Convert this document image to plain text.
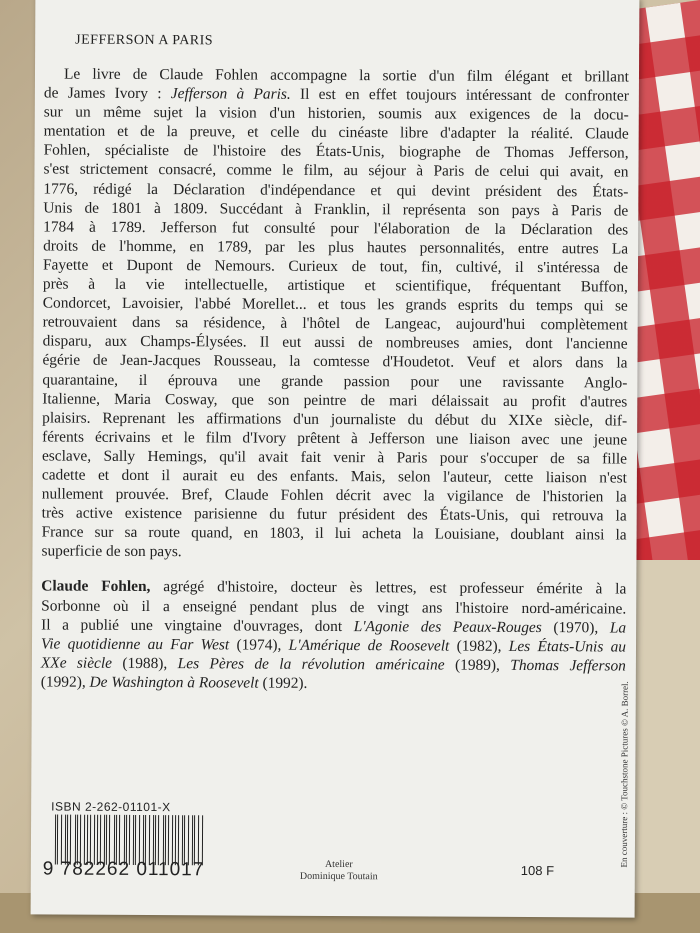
JEFFERSON A PARIS
Le livre de Claude Fohlen accompagne la sortie d'un film élégant et brillant
de James Ivory : Jefferson à Paris. Il est en effet toujours intéressant de confronter
sur un même sujet la vision d'un historien, soumis aux exigences de la docu-
mentation et de la preuve, et celle du cinéaste libre d'adapter la réalité. Claude
Fohlen, spécialiste de l'histoire des États-Unis, biographe de Thomas Jefferson,
s'est strictement consacré, comme le film, au séjour à Paris de celui qui avait, en
1776, rédigé la Déclaration d'indépendance et qui devint président des États-
Unis de 1801 à 1809. Succédant à Franklin, il représenta son pays à Paris de
1784 à 1789. Jefferson fut consulté pour l'élaboration de la Déclaration des
droits de l'homme, en 1789, par les plus hautes personnalités, entre autres La
Fayette et Dupont de Nemours. Curieux de tout, fin, cultivé, il s'intéressa de
près à la vie intellectuelle, artistique et scientifique, fréquentant Buffon,
Condorcet, Lavoisier, l'abbé Morellet... et tous les grands esprits du temps qui se
retrouvaient dans sa résidence, à l'hôtel de Langeac, aujourd'hui complètement
disparu, aux Champs-Élysées. Il eut aussi de nombreuses amies, dont l'ancienne
égérie de Jean-Jacques Rousseau, la comtesse d'Houdetot. Veuf et alors dans la
quarantaine, il éprouva une grande passion pour une ravissante Anglo-
Italienne, Maria Cosway, que son peintre de mari délaissait au profit d'autres
plaisirs. Reprenant les affirmations d'un journaliste du début du XIXe siècle, dif-
férents écrivains et le film d'Ivory prêtent à Jefferson une liaison avec une jeune
esclave, Sally Hemings, qu'il avait fait venir à Paris pour s'occuper de sa fille
cadette et dont il aurait eu des enfants. Mais, selon l'auteur, cette liaison n'est
nullement prouvée. Bref, Claude Fohlen décrit avec la vigilance de l'historien la
très active existence parisienne du futur président des États-Unis, qui retrouva la
France sur sa route quand, en 1803, il lui acheta la Louisiane, doublant ainsi la
superficie de son pays.
Claude Fohlen, agrégé d'histoire, docteur ès lettres, est professeur émérite à la
Sorbonne où il a enseigné pendant plus de vingt ans l'histoire nord-américaine.
Il a publié une vingtaine d'ouvrages, dont L'Agonie des Peaux-Rouges (1970), La
Vie quotidienne au Far West (1974), L'Amérique de Roosevelt (1982), Les États-Unis au
XXe siècle (1988), Les Pères de la révolution américaine (1989), Thomas Jefferson
(1992), De Washington à Roosevelt (1992).
ISBN 2-262-01101-X
9 782262 011017	Atelier
Dominique Toutain	108 F
En couverture : © Touchstone Pictures © A. Borrel.
